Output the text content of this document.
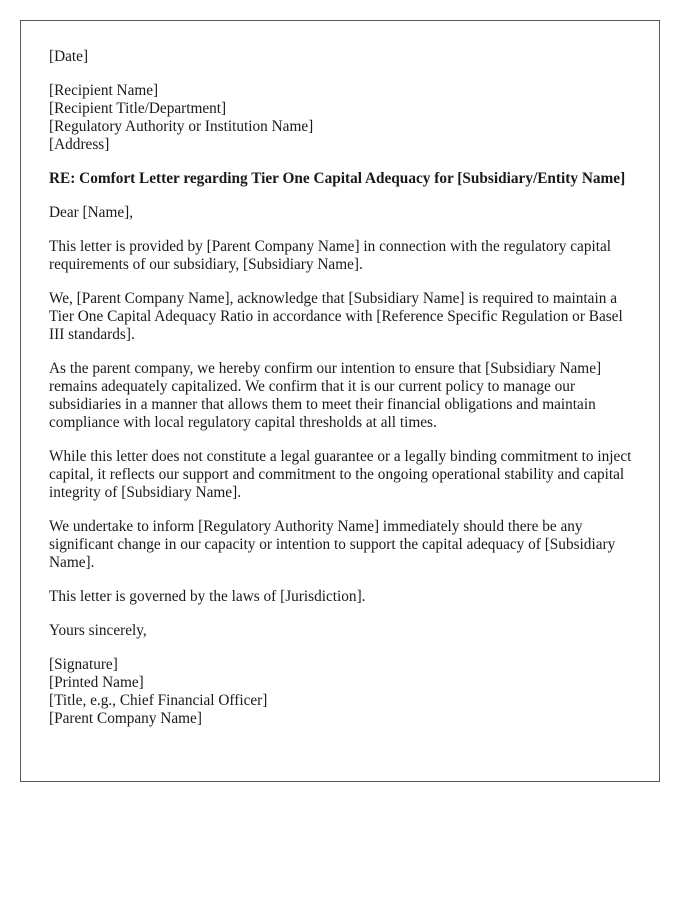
[Date]
[Recipient Name]
[Recipient Title/Department]
[Regulatory Authority or Institution Name]
[Address]

RE: Comfort Letter regarding Tier One Capital Adequacy for [Subsidiary/Entity Name]

Dear [Name],

This letter is provided by [Parent Company Name] in connection with the regulatory capital requirements of our subsidiary, [Subsidiary Name].

We, [Parent Company Name], acknowledge that [Subsidiary Name] is required to maintain a Tier One Capital Adequacy Ratio in accordance with [Reference Specific Regulation or Basel III standards].

As the parent company, we hereby confirm our intention to ensure that [Subsidiary Name] remains adequately capitalized. We confirm that it is our current policy to manage our subsidiaries in a manner that allows them to meet their financial obligations and maintain compliance with local regulatory capital thresholds at all times.

While this letter does not constitute a legal guarantee or a legally binding commitment to inject capital, it reflects our support and commitment to the ongoing operational stability and capital integrity of [Subsidiary Name].

We undertake to inform [Regulatory Authority Name] immediately should there be any significant change in our capacity or intention to support the capital adequacy of [Subsidiary Name].

This letter is governed by the laws of [Jurisdiction].

Yours sincerely,

[Signature]
[Printed Name]
[Title, e.g., Chief Financial Officer]
[Parent Company Name]
